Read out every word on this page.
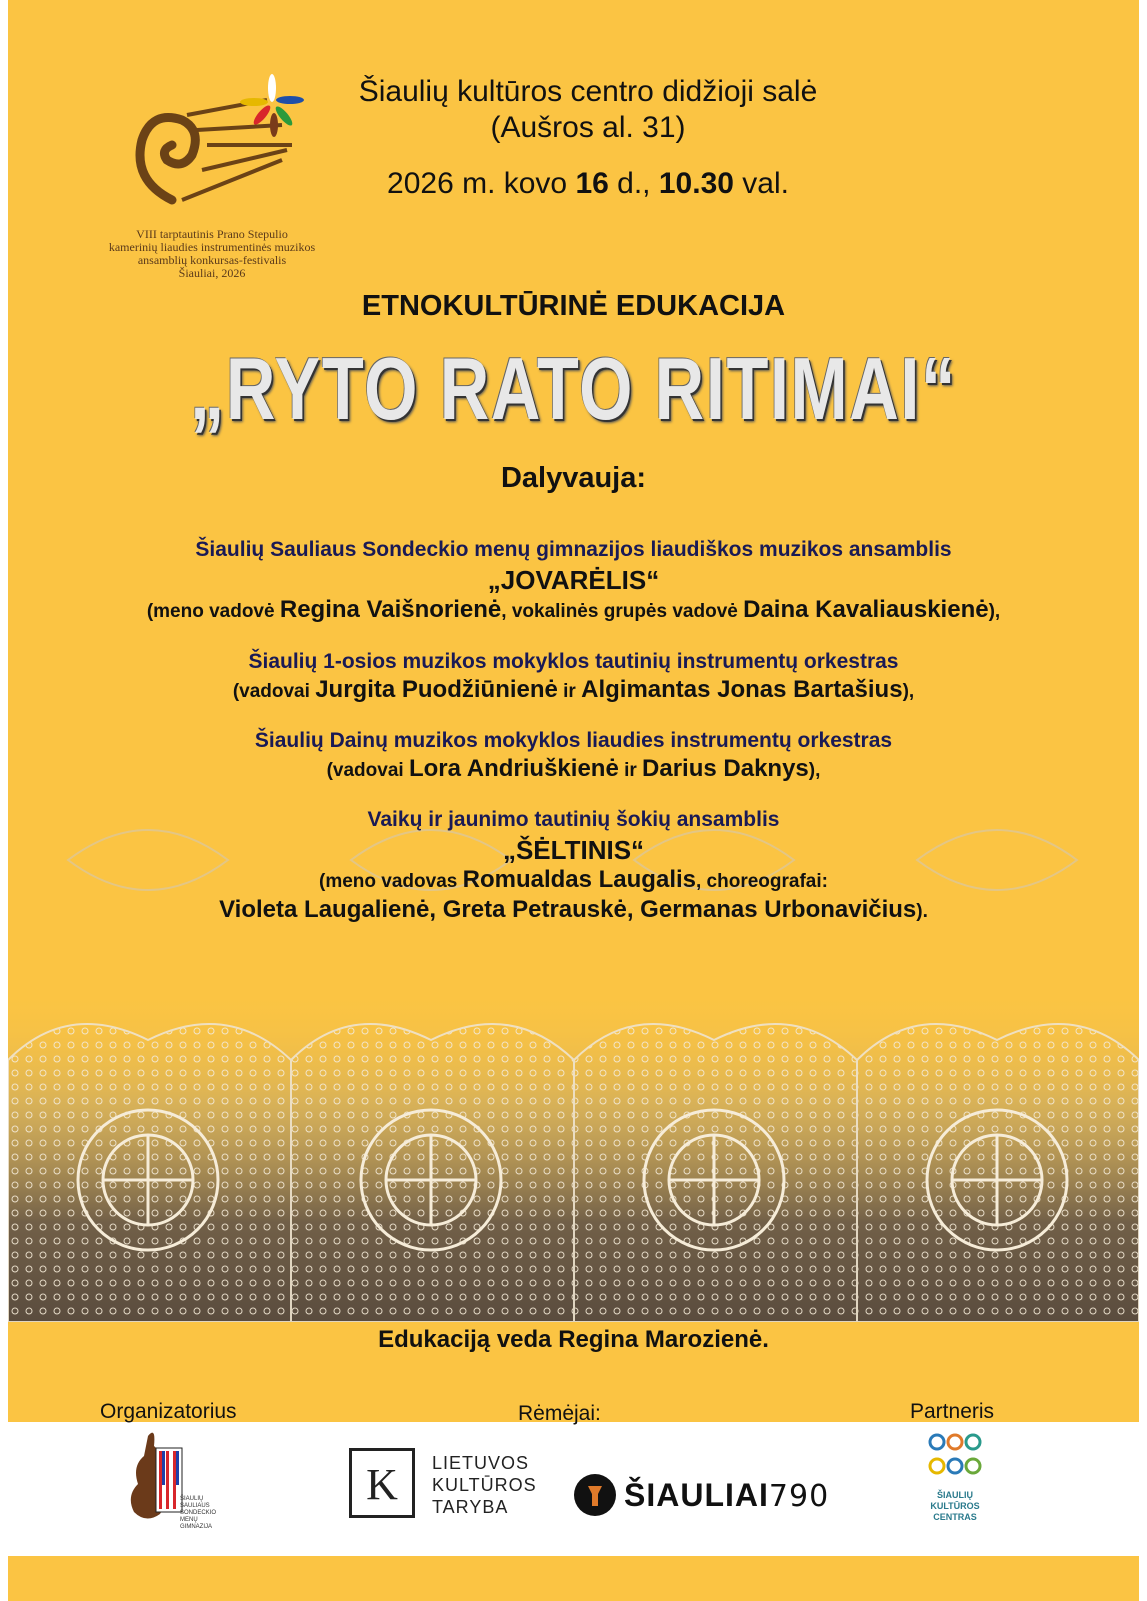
VIII tarptautinis Prano Stepulio
kamerinių liaudies instrumentinės muzikos
ansamblių konkursas-festivalis
Šiauliai, 2026
Šiaulių kultūros centro didžioji salė
(Aušros al. 31)
2026 m. kovo 16 d., 10.30 val.
ETNOKULTŪRINĖ EDUKACIJA
„RYTO RATO RITIMAI“
Dalyvauja:
Šiaulių Sauliaus Sondeckio menų gimnazijos liaudiškos muzikos ansamblis
„JOVARĖLIS“
(meno vadovė Regina Vaišnorienė, vokalinės grupės vadovė Daina Kavaliauskienė),
Šiaulių 1-osios muzikos mokyklos tautinių instrumentų orkestras
(vadovai Jurgita Puodžiūnienė ir Algimantas Jonas Bartašius),
Šiaulių Dainų muzikos mokyklos liaudies instrumentų orkestras
(vadovai Lora Andriuškienė ir Darius Daknys),
Vaikų ir jaunimo tautinių šokių ansamblis
„ŠĖLTINIS“
(meno vadovas Romualdas Laugalis, choreografai:
Violeta Laugalienė, Greta Petrauskė, Germanas Urbonavičius).
Edukaciją veda Regina Marozienė.
Organizatorius	Rėmėjai:	Partneris
ŠIAULIŲ SAULIAUS SONDECKIO MENŲ GIMNAZIJA
K	LIETUVOS
KULTŪROS
TARYBA	ŠIAULIAI790	ŠIAULIŲ
KULTŪROS
CENTRAS
